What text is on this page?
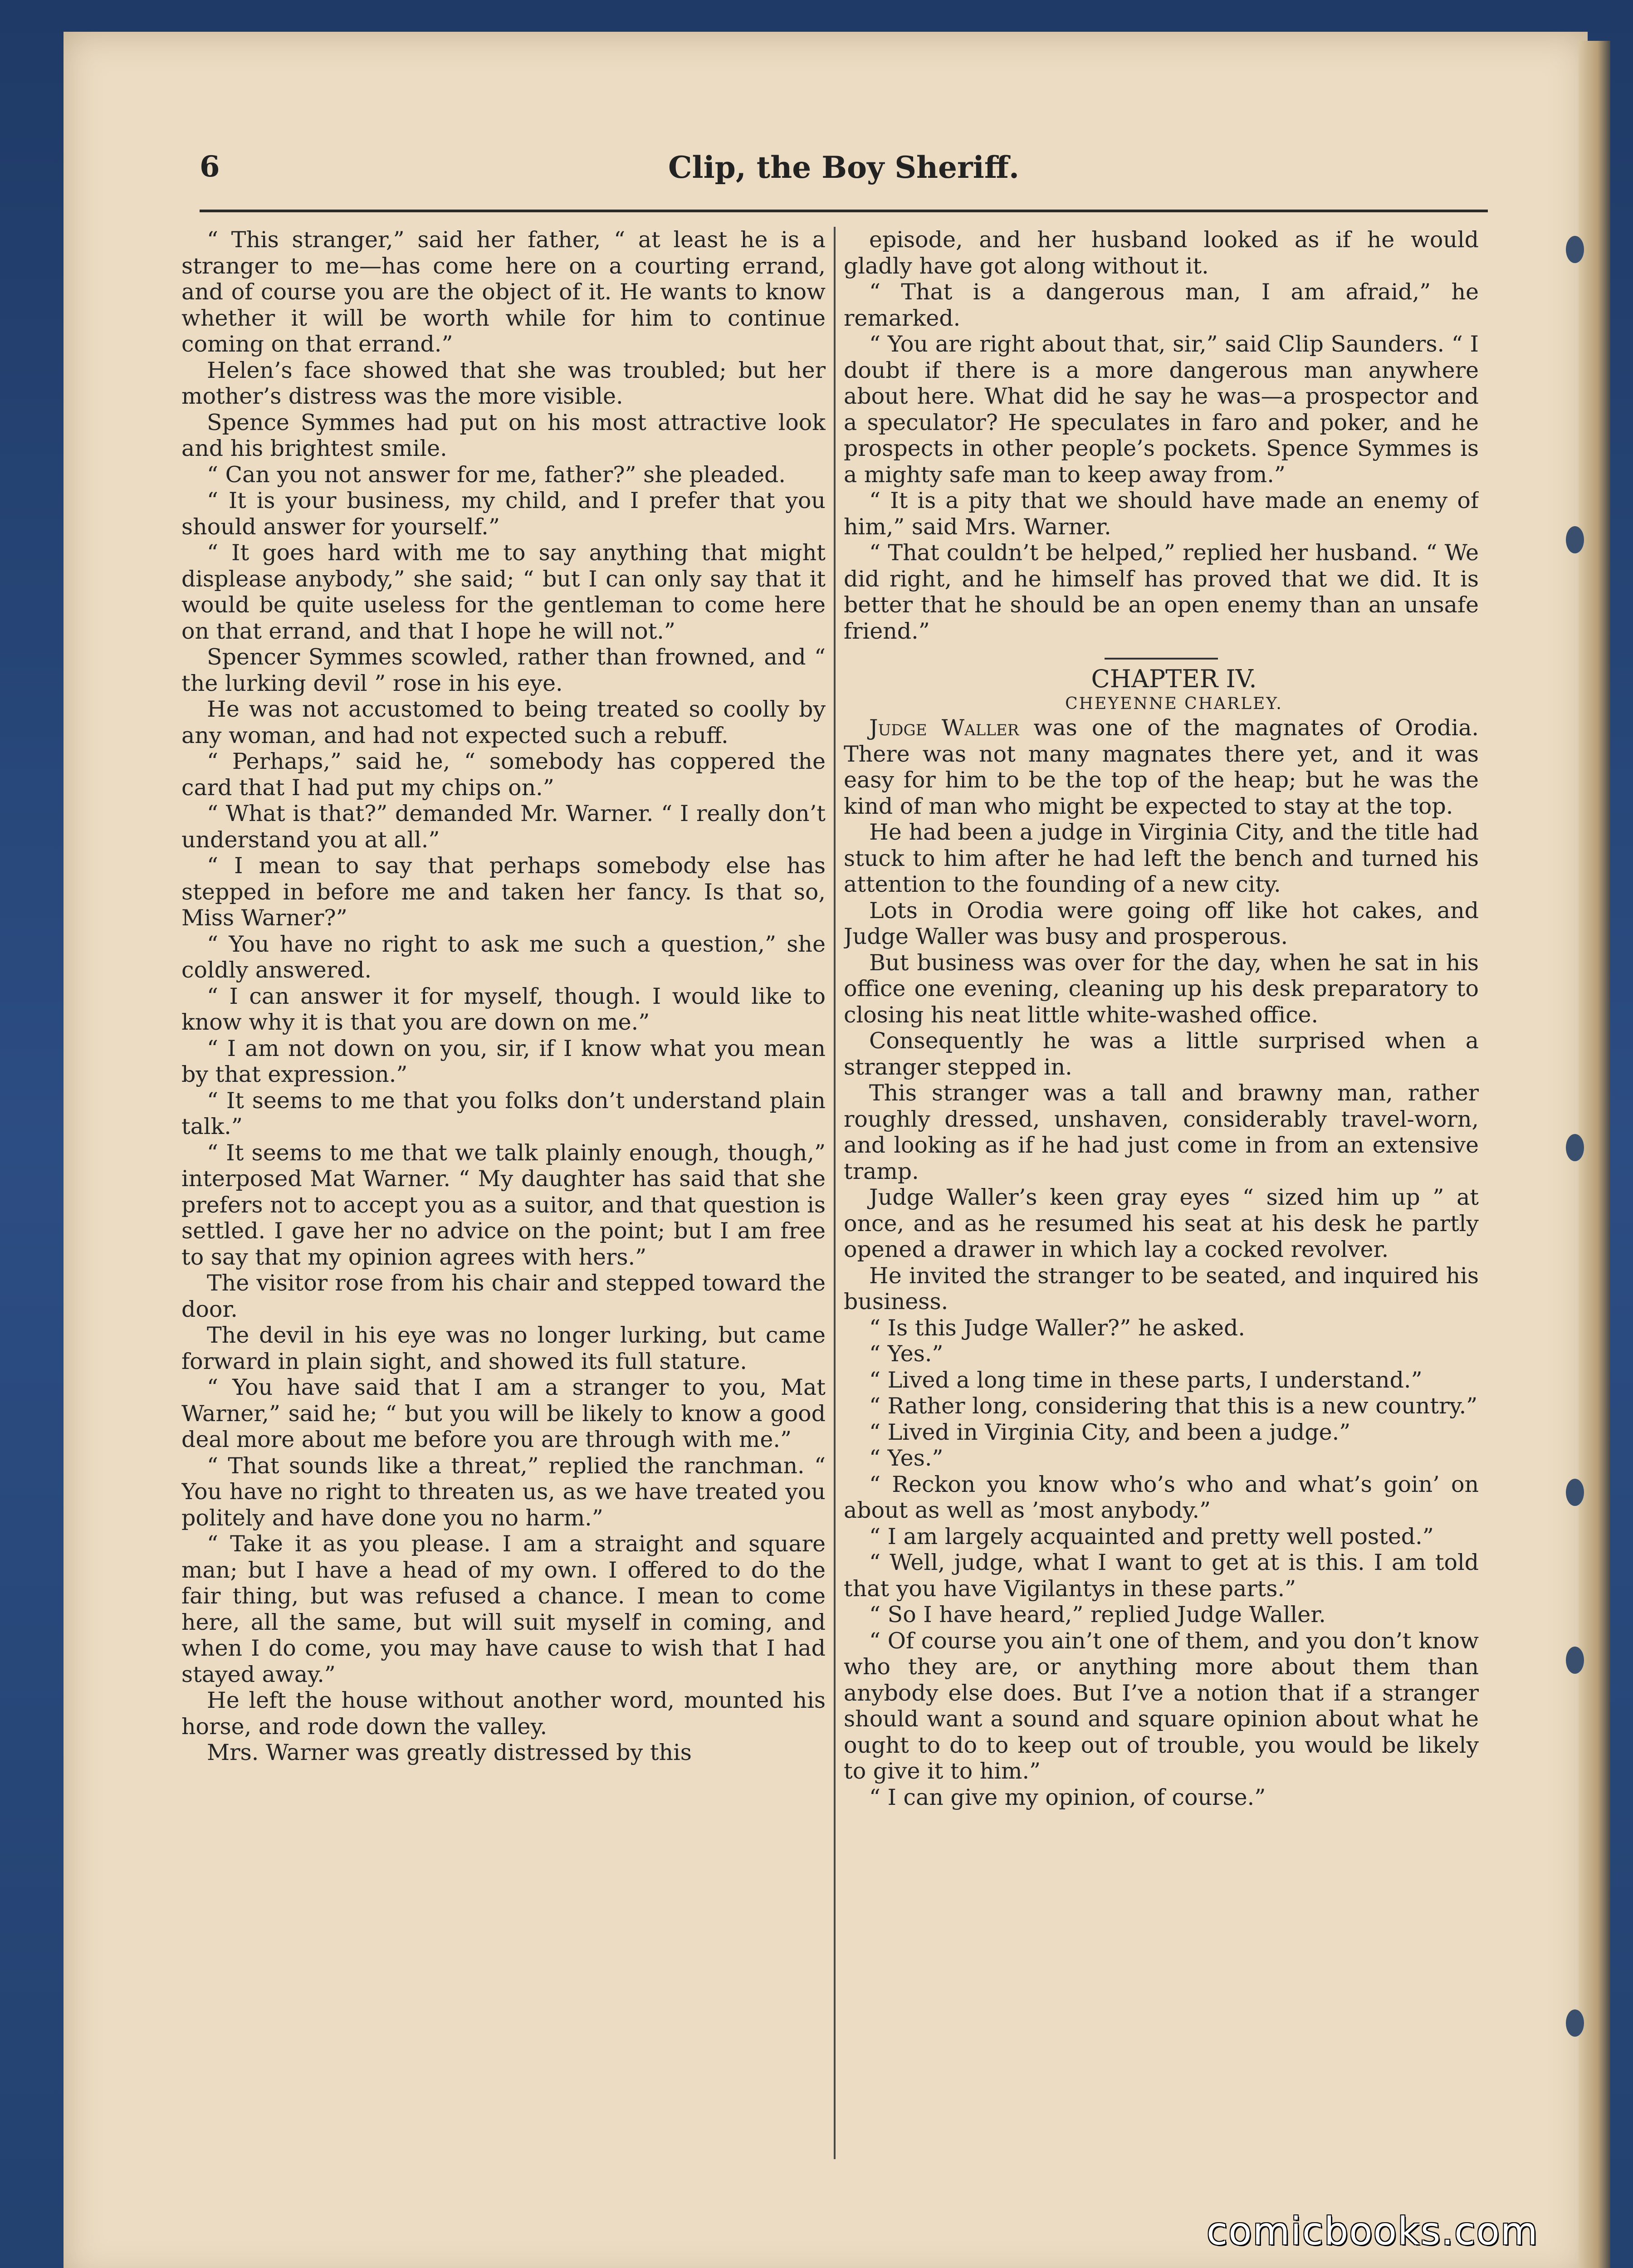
Clip, the Boy Sheriff.
6

“ This stranger,” said her father, “ at least he is a stranger to me—has come here on a courting errand, and of course you are the object of it. He wants to know whether it will be worth while for him to continue coming on that errand.”

Helen’s face showed that she was troubled; but her mother’s distress was the more visible.

Spence Symmes had put on his most attractive look and his brightest smile.

“ Can you not answer for me, father?” she pleaded.

“ It is your business, my child, and I prefer that you should answer for yourself.”

“ It goes hard with me to say anything that might displease anybody,” she said; “ but I can only say that it would be quite useless for the gentleman to come here on that errand, and that I hope he will not.”

Spencer Symmes scowled, rather than frowned, and “ the lurking devil ” rose in his eye.

He was not accustomed to being treated so coolly by any woman, and had not expected such a rebuff.

“ Perhaps,” said he, “ somebody has coppered the card that I had put my chips on.”

“ What is that?” demanded Mr. Warner. “ I really don’t understand you at all.”

“ I mean to say that perhaps somebody else has stepped in before me and taken her fancy. Is that so, Miss Warner?”

“ You have no right to ask me such a question,” she coldly answered.

“ I can answer it for myself, though. I would like to know why it is that you are down on me.”

“ I am not down on you, sir, if I know what you mean by that expression.”

“ It seems to me that you folks don’t understand plain talk.”

“ It seems to me that we talk plainly enough, though,” interposed Mat Warner. “ My daughter has said that she prefers not to accept you as a suitor, and that question is settled. I gave her no advice on the point; but I am free to say that my opinion agrees with hers.”

The visitor rose from his chair and stepped toward the door.

The devil in his eye was no longer lurking, but came forward in plain sight, and showed its full stature.

“ You have said that I am a stranger to you, Mat Warner,” said he; “ but you will be likely to know a good deal more about me before you are through with me.”

“ That sounds like a threat,” replied the ranchman. “ You have no right to threaten us, as we have treated you politely and have done you no harm.”

“ Take it as you please. I am a straight and square man; but I have a head of my own. I offered to do the fair thing, but was refused a chance. I mean to come here, all the same, but will suit myself in coming, and when I do come, you may have cause to wish that I had stayed away.”

He left the house without another word, mounted his horse, and rode down the valley.

Mrs. Warner was greatly distressed by this

episode, and her husband looked as if he would gladly have got along without it.

“ That is a dangerous man, I am afraid,” he remarked.

“ You are right about that, sir,” said Clip Saunders. “ I doubt if there is a more dangerous man anywhere about here. What did he say he was—a prospector and a speculator? He speculates in faro and poker, and he prospects in other people’s pockets. Spence Symmes is a mighty safe man to keep away from.”

“ It is a pity that we should have made an enemy of him,” said Mrs. Warner.

“ That couldn’t be helped,” replied her husband. “ We did right, and he himself has proved that we did. It is better that he should be an open enemy than an unsafe friend.”

CHAPTER IV.

CHEYENNE CHARLEY.

Judge Waller was one of the magnates of Orodia. There was not many magnates there yet, and it was easy for him to be the top of the heap; but he was the kind of man who might be expected to stay at the top.

He had been a judge in Virginia City, and the title had stuck to him after he had left the bench and turned his attention to the founding of a new city.

Lots in Orodia were going off like hot cakes, and Judge Waller was busy and prosperous.

But business was over for the day, when he sat in his office one evening, cleaning up his desk preparatory to closing his neat little white-washed office.

Consequently he was a little surprised when a stranger stepped in.

This stranger was a tall and brawny man, rather roughly dressed, unshaven, considerably travel-worn, and looking as if he had just come in from an extensive tramp.

Judge Waller’s keen gray eyes “ sized him up ” at once, and as he resumed his seat at his desk he partly opened a drawer in which lay a cocked revolver.

He invited the stranger to be seated, and inquired his business.

“ Is this Judge Waller?” he asked.

“ Yes.”

“ Lived a long time in these parts, I understand.”

“ Rather long, considering that this is a new country.”

“ Lived in Virginia City, and been a judge.”

“ Yes.”

“ Reckon you know who’s who and what’s goin’ on about as well as ’most anybody.”

“ I am largely acquainted and pretty well posted.”

“ Well, judge, what I want to get at is this. I am told that you have Vigilantys in these parts.”

“ So I have heard,” replied Judge Waller.

“ Of course you ain’t one of them, and you don’t know who they are, or anything more about them than anybody else does. But I’ve a notion that if a stranger should want a sound and square opinion about what he ought to do to keep out of trouble, you would be likely to give it to him.”

“ I can give my opinion, of course.”

comicbooks.com
